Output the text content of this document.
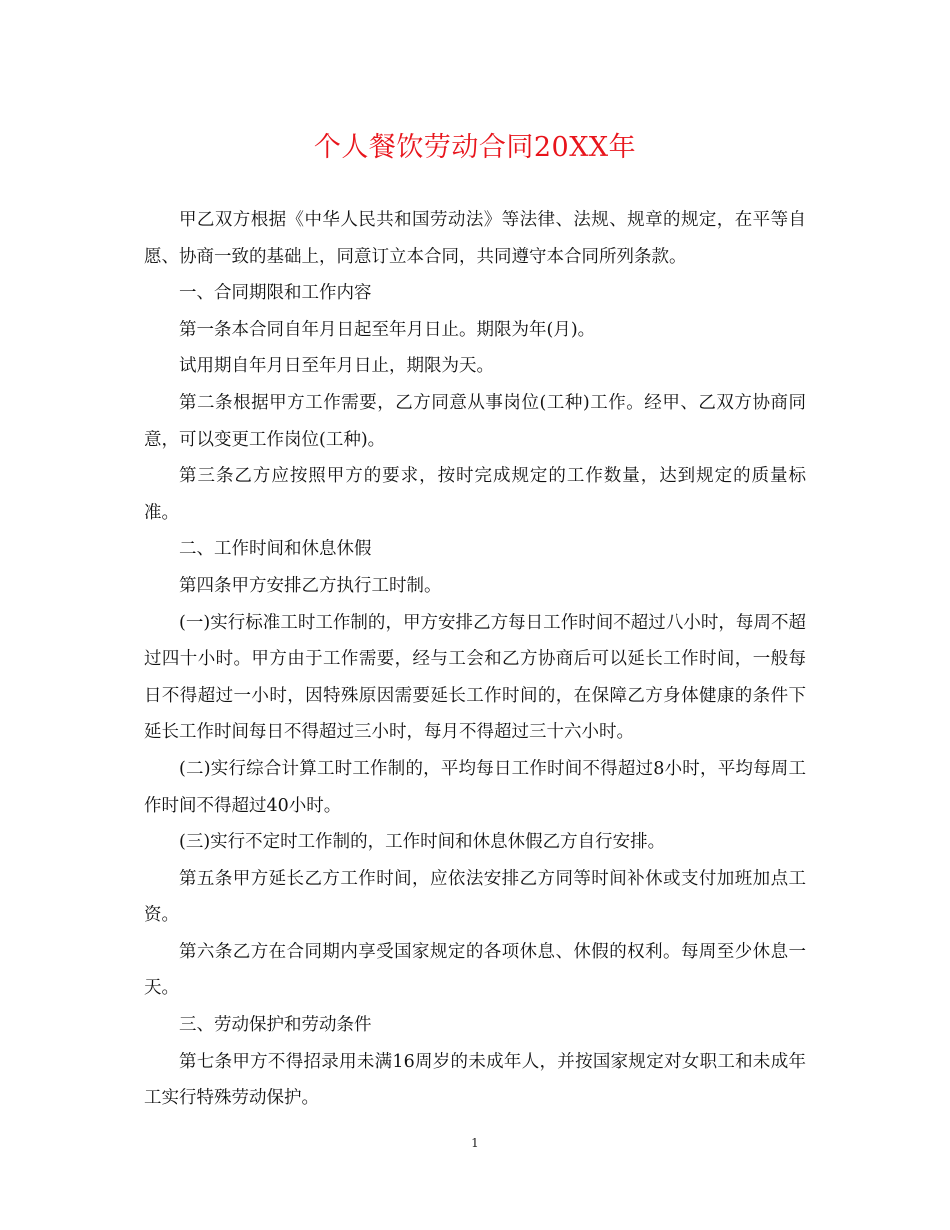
个人餐饮劳动合同20XX年

甲乙双方根据《中华人民共和国劳动法》等法律、法规、规章的规定，在平等自愿、协商一致的基础上，同意订立本合同，共同遵守本合同所列条款。

一、合同期限和工作内容

第一条本合同自年月日起至年月日止。期限为年(月)。

试用期自年月日至年月日止，期限为天。

第二条根据甲方工作需要，乙方同意从事岗位(工种)工作。经甲、乙双方协商同意，可以变更工作岗位(工种)。

第三条乙方应按照甲方的要求，按时完成规定的工作数量，达到规定的质量标准。

二、工作时间和休息休假

第四条甲方安排乙方执行工时制。

(一)实行标准工时工作制的，甲方安排乙方每日工作时间不超过八小时，每周不超过四十小时。甲方由于工作需要，经与工会和乙方协商后可以延长工作时间，一般每日不得超过一小时，因特殊原因需要延长工作时间的，在保障乙方身体健康的条件下延长工作时间每日不得超过三小时，每月不得超过三十六小时。

(二)实行综合计算工时工作制的，平均每日工作时间不得超过8小时，平均每周工作时间不得超过40小时。

(三)实行不定时工作制的，工作时间和休息休假乙方自行安排。

第五条甲方延长乙方工作时间，应依法安排乙方同等时间补休或支付加班加点工资。

第六条乙方在合同期内享受国家规定的各项休息、休假的权利。每周至少休息一天。

三、劳动保护和劳动条件

第七条甲方不得招录用未满16周岁的未成年人，并按国家规定对女职工和未成年工实行特殊劳动保护。

1
